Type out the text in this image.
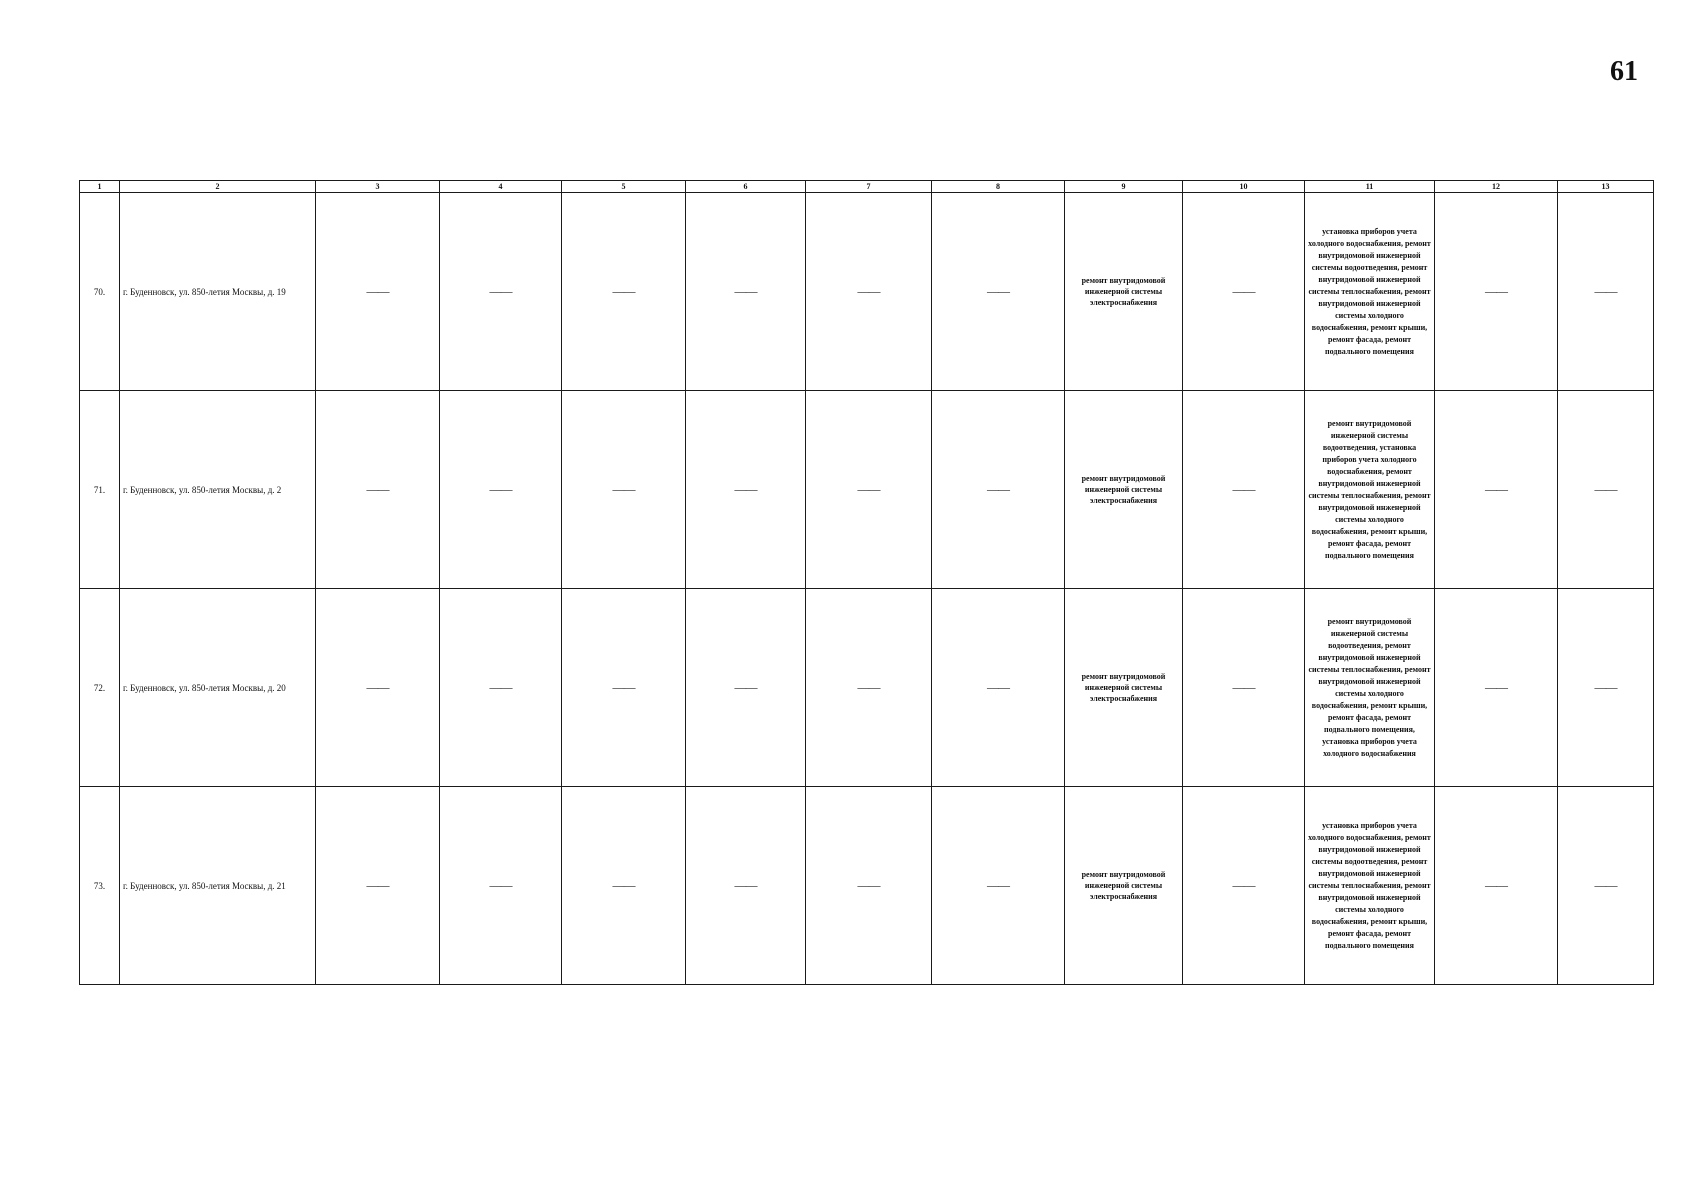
61
1	2	3	4	5	6	7	8	9	10	11	12	13
70.	г. Буденновск, ул. 850-летия Москвы, д. 19	——	——	——	——	——	——	ремонт внутридомовой инженерной системы электроснабжения	——	установка приборов учета холодного водоснабжения, ремонт внутридомовой инженерной системы водоотведения, ремонт внутридомовой инженерной системы теплоснабжения, ремонт внутридомовой инженерной системы холодного водоснабжения, ремонт крыши, ремонт фасада, ремонт подвального помещения	——	——
71.	г. Буденновск, ул. 850-летия Москвы, д. 2	——	——	——	——	——	——	ремонт внутридомовой инженерной системы электроснабжения	——	ремонт внутридомовой инженерной системы водоотведения, установка приборов учета холодного водоснабжения, ремонт внутридомовой инженерной системы теплоснабжения, ремонт внутридомовой инженерной системы холодного водоснабжения, ремонт крыши, ремонт фасада, ремонт подвального помещения	——	——
72.	г. Буденновск, ул. 850-летия Москвы, д. 20	——	——	——	——	——	——	ремонт внутридомовой инженерной системы электроснабжения	——	ремонт внутридомовой инженерной системы водоотведения, ремонт внутридомовой инженерной системы теплоснабжения, ремонт внутридомовой инженерной системы холодного водоснабжения, ремонт крыши, ремонт фасада, ремонт подвального помещения, установка приборов учета холодного водоснабжения	——	——
73.	г. Буденновск, ул. 850-летия Москвы, д. 21	——	——	——	——	——	——	ремонт внутридомовой инженерной системы электроснабжения	——	установка приборов учета холодного водоснабжения, ремонт внутридомовой инженерной системы водоотведения, ремонт внутридомовой инженерной системы теплоснабжения, ремонт внутридомовой инженерной системы холодного водоснабжения, ремонт крыши, ремонт фасада, ремонт подвального помещения	——	——
